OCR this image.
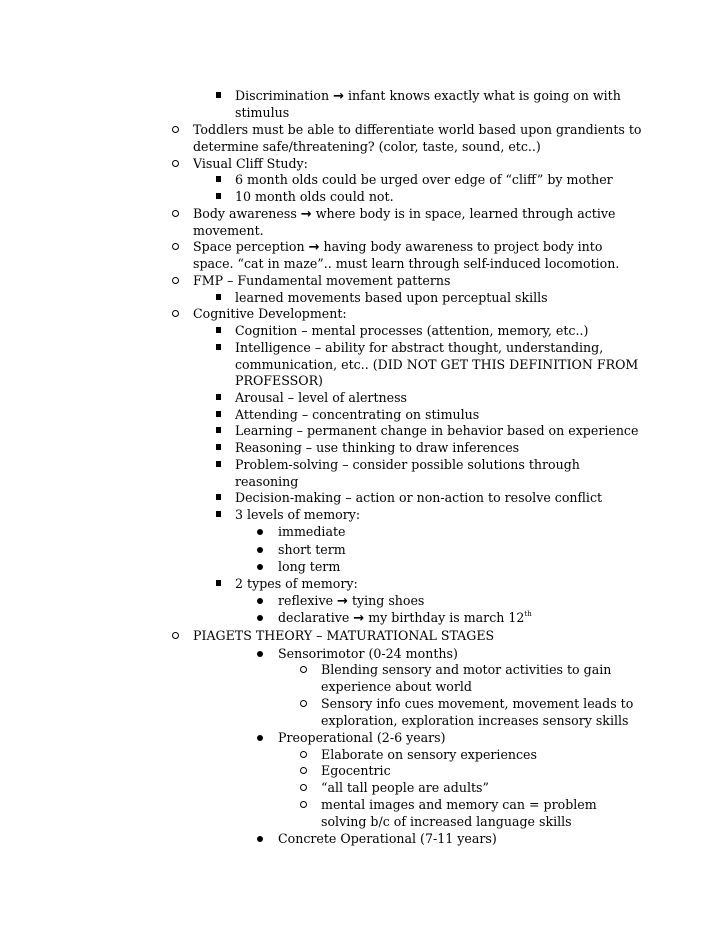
Discrimination → infant knows exactly what is going on with
stimulus
Toddlers must be able to differentiate world based upon grandients to
determine safe/threatening? (color, taste, sound, etc..)
Visual Cliff Study:
6 month olds could be urged over edge of “cliff” by mother
10 month olds could not.
Body awareness → where body is in space, learned through active
movement.
Space perception → having body awareness to project body into
space. “cat in maze”.. must learn through self-induced locomotion.
FMP – Fundamental movement patterns
learned movements based upon perceptual skills
Cognitive Development:
Cognition – mental processes (attention, memory, etc..)
Intelligence – ability for abstract thought, understanding,
communication, etc.. (DID NOT GET THIS DEFINITION FROM
PROFESSOR)
Arousal – level of alertness
Attending – concentrating on stimulus
Learning – permanent change in behavior based on experience
Reasoning – use thinking to draw inferences
Problem-solving – consider possible solutions through
reasoning
Decision-making – action or non-action to resolve conflict
3 levels of memory:
immediate
short term
long term
2 types of memory:
reflexive → tying shoes
declarative → my birthday is march 12th
PIAGETS THEORY – MATURATIONAL STAGES
Sensorimotor (0-24 months)
Blending sensory and motor activities to gain
experience about world
Sensory info cues movement, movement leads to
exploration, exploration increases sensory skills
Preoperational (2-6 years)
Elaborate on sensory experiences
Egocentric
“all tall people are adults”
mental images and memory can = problem
solving b/c of increased language skills
Concrete Operational (7-11 years)
